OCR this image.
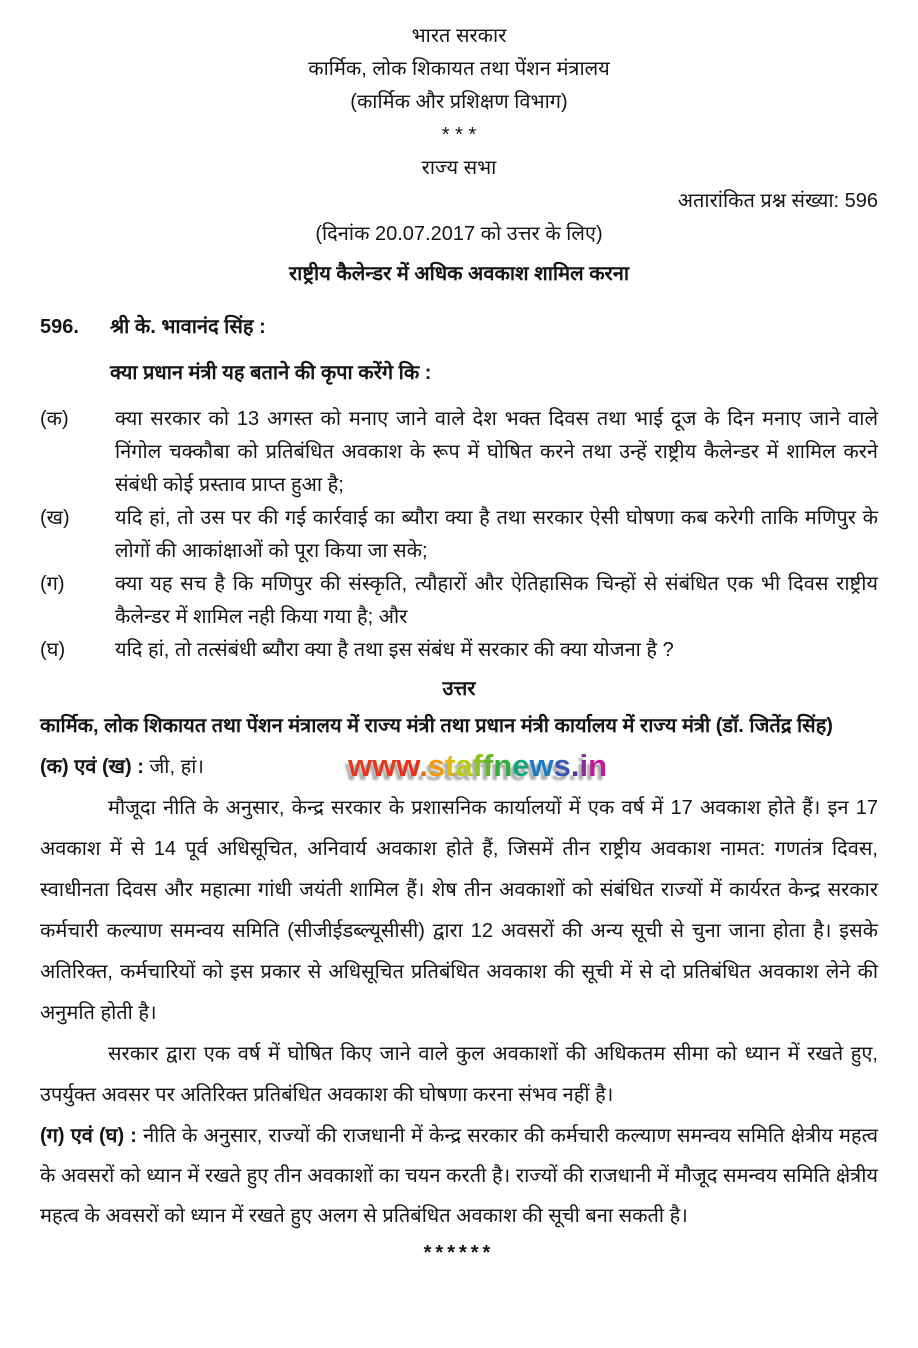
भारत सरकार
कार्मिक, लोक शिकायत तथा पेंशन मंत्रालय
(कार्मिक और प्रशिक्षण विभाग)
* * *
राज्य सभा
अतारांकित प्रश्न संख्या: 596
(दिनांक 20.07.2017 को उत्तर के लिए)
राष्ट्रीय कैलेन्डर में अधिक अवकाश शामिल करना
596.	श्री के. भावानंद सिंह :
क्या प्रधान मंत्री यह बताने की कृपा करेंगे कि :
(क)	क्या सरकार को 13 अगस्त को मनाए जाने वाले देश भक्त दिवस तथा भाई दूज के दिन मनाए जाने वाले निंगोल चक्कौबा को प्रतिबंधित अवकाश के रूप में घोषित करने तथा उन्हें राष्ट्रीय कैलेन्डर में शामिल करने संबंधी कोई प्रस्ताव प्राप्त हुआ है;
(ख)	यदि हां, तो उस पर की गई कार्रवाई का ब्यौरा क्या है तथा सरकार ऐसी घोषणा कब करेगी ताकि मणिपुर के लोगों की आकांक्षाओं को पूरा किया जा सके;
(ग)	क्या यह सच है कि मणिपुर की संस्कृति, त्यौहारों और ऐतिहासिक चिन्हों से संबंधित एक भी दिवस राष्ट्रीय कैलेन्डर में शामिल नही किया गया है; और
(घ)	यदि हां, तो तत्संबंधी ब्यौरा क्या है तथा इस संबंध में सरकार की क्या योजना है ?
उत्तर
कार्मिक, लोक शिकायत तथा पेंशन मंत्रालय में राज्य मंत्री तथा प्रधान मंत्री कार्यालय में राज्य मंत्री (डॉ. जितेंद्र सिंह)
(क) एवं (ख) : जी, हां।

मौजूदा नीति के अनुसार, केन्द्र सरकार के प्रशासनिक कार्यालयों में एक वर्ष में 17 अवकाश होते हैं। इन 17 अवकाश में से 14 पूर्व अधिसूचित, अनिवार्य अवकाश होते हैं, जिसमें तीन राष्ट्रीय अवकाश नामत: गणतंत्र दिवस, स्वाधीनता दिवस और महात्मा गांधी जयंती शामिल हैं। शेष तीन अवकाशों को संबंधित राज्यों में कार्यरत केन्द्र सरकार कर्मचारी कल्याण समन्वय समिति (सीजीईडब्ल्यूसीसी) द्वारा 12 अवसरों की अन्य सूची से चुना जाना होता है। इसके अतिरिक्त, कर्मचारियों को इस प्रकार से अधिसूचित प्रतिबंधित अवकाश की सूची में से दो प्रतिबंधित अवकाश लेने की अनुमति होती है।

सरकार द्वारा एक वर्ष में घोषित किए जाने वाले कुल अवकाशों की अधिकतम सीमा को ध्यान में रखते हुए, उपर्युक्त अवसर पर अतिरिक्त प्रतिबंधित अवकाश की घोषणा करना संभव नहीं है।

(ग) एवं (घ) : नीति के अनुसार, राज्यों की राजधानी में केन्द्र सरकार की कर्मचारी कल्याण समन्वय समिति क्षेत्रीय महत्व के अवसरों को ध्यान में रखते हुए तीन अवकाशों का चयन करती है। राज्यों की राजधानी में मौजूद समन्वय समिति क्षेत्रीय महत्व के अवसरों को ध्यान में रखते हुए अलग से प्रतिबंधित अवकाश की सूची बना सकती है।
******
www.staffnews.in
